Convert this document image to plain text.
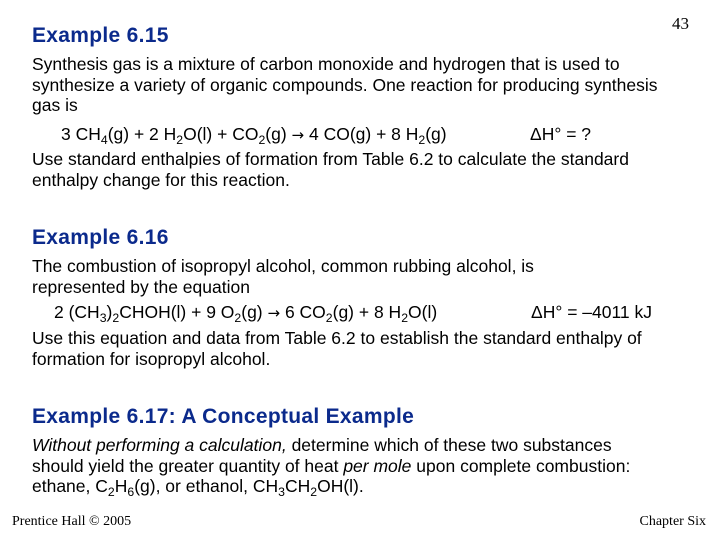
43
Example 6.15

Synthesis gas is a mixture of carbon monoxide and hydrogen that is used to synthesize a variety of organic compounds. One reaction for producing synthesis gas is

3 $CH_4(g) + 2$ $H_2O(l) + CO_2(g) \to 4$ CO(g) + 8 $H_2(g)$	ΔH° = ?

Use standard enthalpies of formation from Table 6.2 to calculate the standard enthalpy change for this reaction.

Example 6.16

The combustion of isopropyl alcohol, common rubbing alcohol, is represented by the equation

2 $(CH_3)_2CHOH(l) + 9$ $O_2(g) \to 6$ $CO_2(g) + 8$ $H_2O(l)$	ΔH° = –4011 kJ

Use this equation and data from Table 6.2 to establish the standard enthalpy of formation for isopropyl alcohol.

Example 6.17: A Conceptual Example

Without performing a calculation, determine which of these two substances should yield the greater quantity of heat per mole upon complete combustion: ethane, $C_2H_6(g)$, or ethanol, $CH_3CH_2OH(l)$.

Prentice Hall © 2005	Chapter Six
